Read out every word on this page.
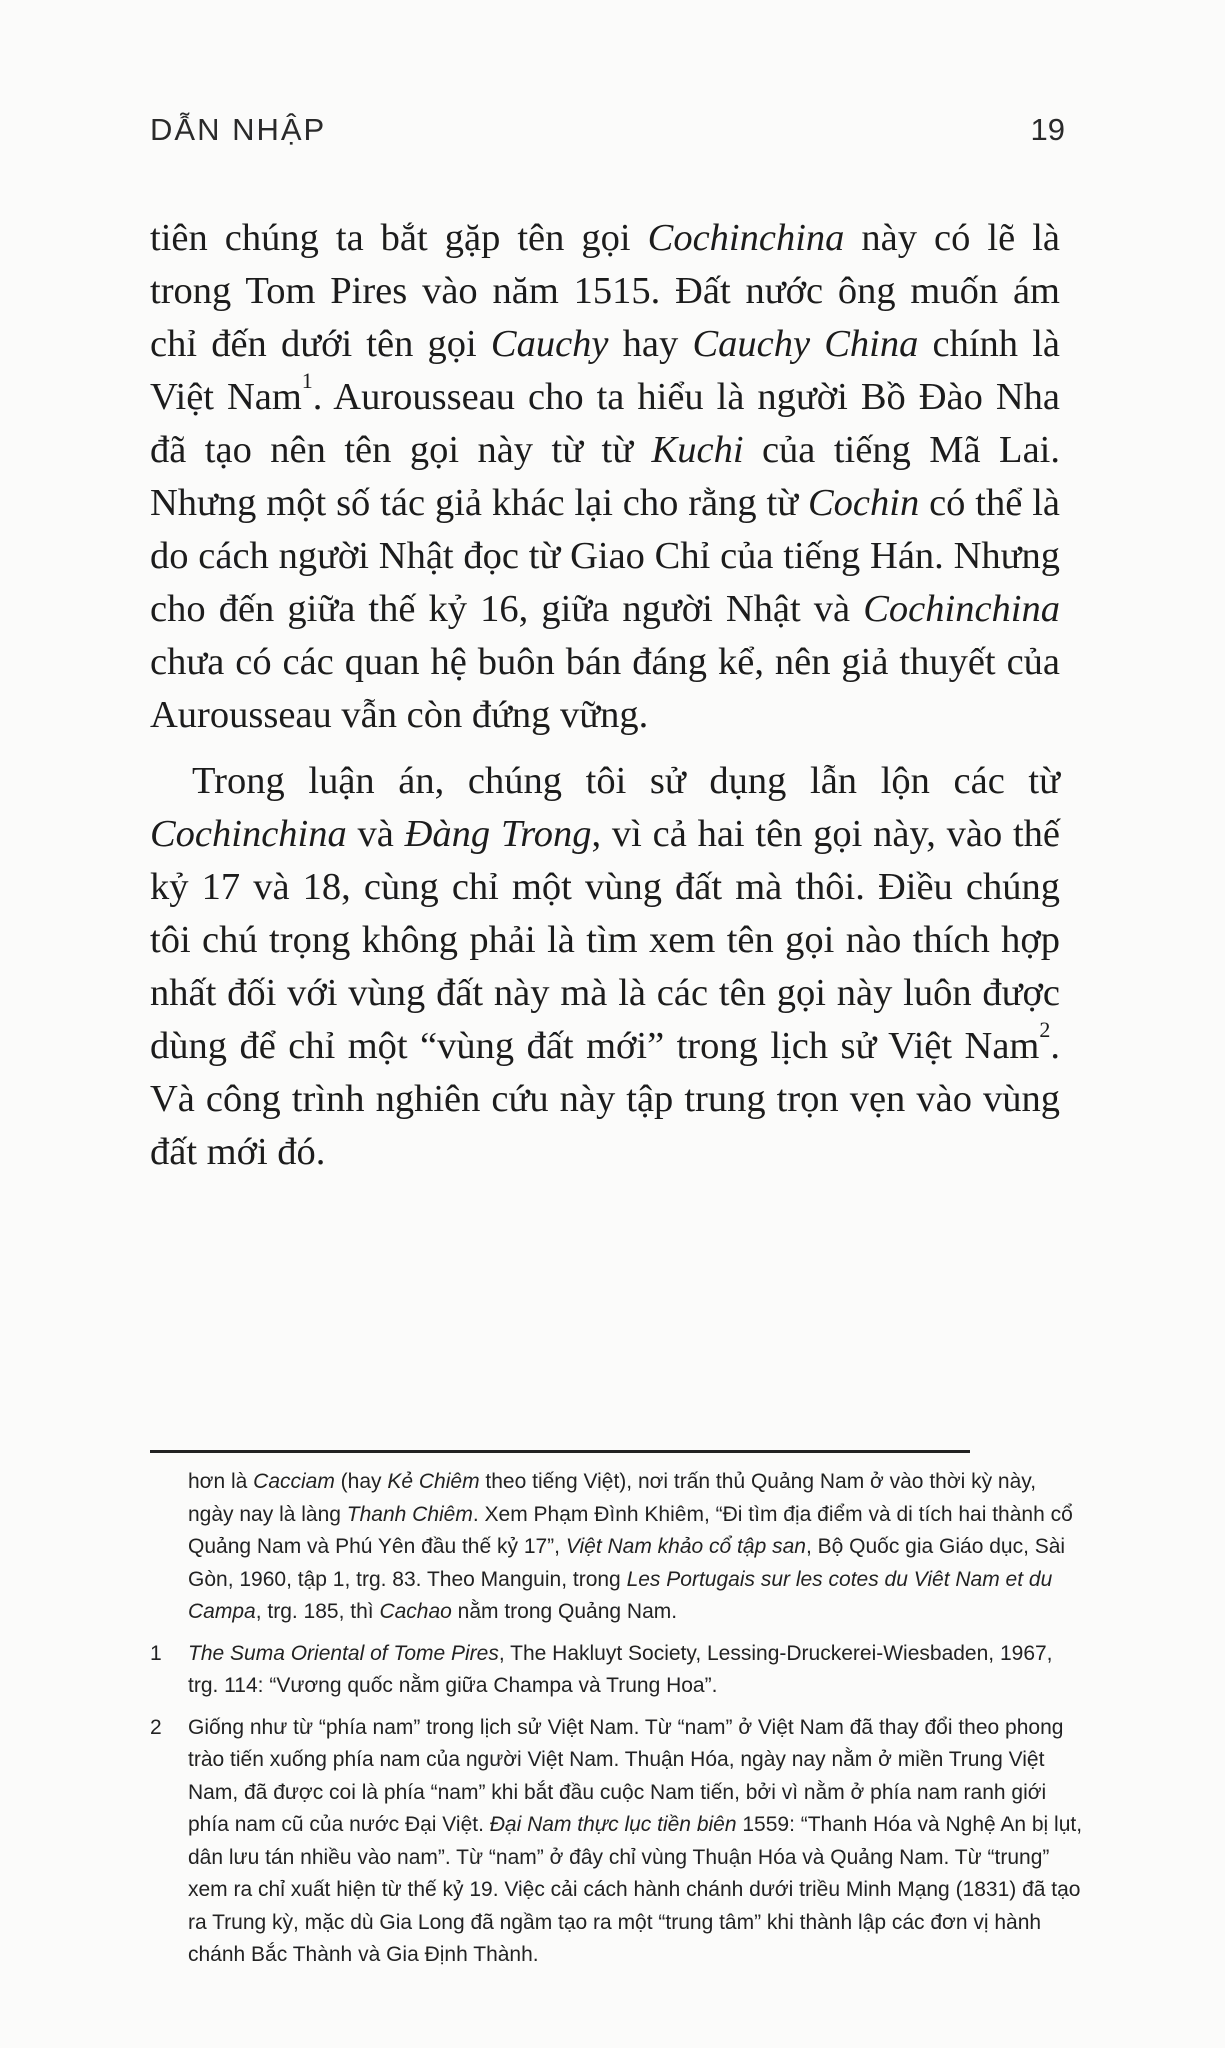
DẪN NHẬP	19

tiên chúng ta bắt gặp tên gọi Cochinchina này có lẽ là trong Tom Pires vào năm 1515. Đất nước ông muốn ám chỉ đến dưới tên gọi Cauchy hay Cauchy China chính là Việt Nam$^1$. Aurousseau cho ta hiểu là người Bồ Đào Nha đã tạo nên tên gọi này từ từ Kuchi của tiếng Mã Lai. Nhưng một số tác giả khác lại cho rằng từ Cochin có thể là do cách người Nhật đọc từ Giao Chỉ của tiếng Hán. Nhưng cho đến giữa thế kỷ 16, giữa người Nhật và Cochinchina chưa có các quan hệ buôn bán đáng kể, nên giả thuyết của Aurousseau vẫn còn đứng vững.

Trong luận án, chúng tôi sử dụng lẫn lộn các từ Cochinchina và Đàng Trong, vì cả hai tên gọi này, vào thế kỷ 17 và 18, cùng chỉ một vùng đất mà thôi. Điều chúng tôi chú trọng không phải là tìm xem tên gọi nào thích hợp nhất đối với vùng đất này mà là các tên gọi này luôn được dùng để chỉ một “vùng đất mới” trong lịch sử Việt Nam$^2$. Và công trình nghiên cứu này tập trung trọn vẹn vào vùng đất mới đó.

hơn là Cacciam (hay Kẻ Chiêm theo tiếng Việt), nơi trấn thủ Quảng Nam ở vào thời kỳ này, ngày nay là làng Thanh Chiêm. Xem Phạm Đình Khiêm, “Đi tìm địa điểm và di tích hai thành cổ Quảng Nam và Phú Yên đầu thế kỷ 17”, Việt Nam khảo cổ tập san, Bộ Quốc gia Giáo dục, Sài Gòn, 1960, tập 1, trg. 83. Theo Manguin, trong Les Portugais sur les cotes du Viêt Nam et du Campa, trg. 185, thì Cachao nằm trong Quảng Nam.
1 The Suma Oriental of Tome Pires, The Hakluyt Society, Lessing-Druckerei-Wiesbaden, 1967, trg. 114: “Vương quốc nằm giữa Champa và Trung Hoa”.
2 Giống như từ “phía nam” trong lịch sử Việt Nam. Từ “nam” ở Việt Nam đã thay đổi theo phong trào tiến xuống phía nam của người Việt Nam. Thuận Hóa, ngày nay nằm ở miền Trung Việt Nam, đã được coi là phía “nam” khi bắt đầu cuộc Nam tiến, bởi vì nằm ở phía nam ranh giới phía nam cũ của nước Đại Việt. Đại Nam thực lục tiền biên 1559: “Thanh Hóa và Nghệ An bị lụt, dân lưu tán nhiều vào nam”. Từ “nam” ở đây chỉ vùng Thuận Hóa và Quảng Nam. Từ “trung” xem ra chỉ xuất hiện từ thế kỷ 19. Việc cải cách hành chánh dưới triều Minh Mạng (1831) đã tạo ra Trung kỳ, mặc dù Gia Long đã ngầm tạo ra một “trung tâm” khi thành lập các đơn vị hành chánh Bắc Thành và Gia Định Thành.
